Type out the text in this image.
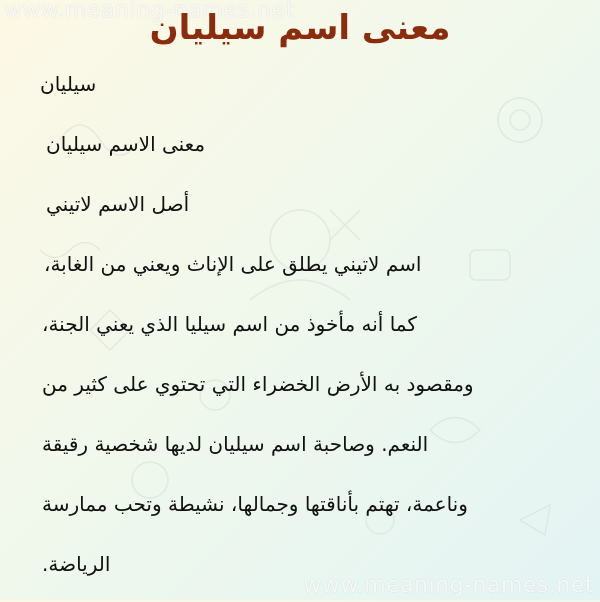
www.meaning-names.net
www.meaning-names.net
معنى اسم سيليان
سيليان
معنى الاسم سيليان
أصل الاسم لاتيني
اسم لاتيني يطلق على الإناث ويعني من الغابة،
كما أنه مأخوذ من اسم سيليا الذي يعني الجنة،
ومقصود به الأرض الخضراء التي تحتوي على كثير من
النعم. وصاحبة اسم سيليان لديها شخصية رقيقة
وناعمة، تهتم بأناقتها وجمالها، نشيطة وتحب ممارسة
الرياضة.
